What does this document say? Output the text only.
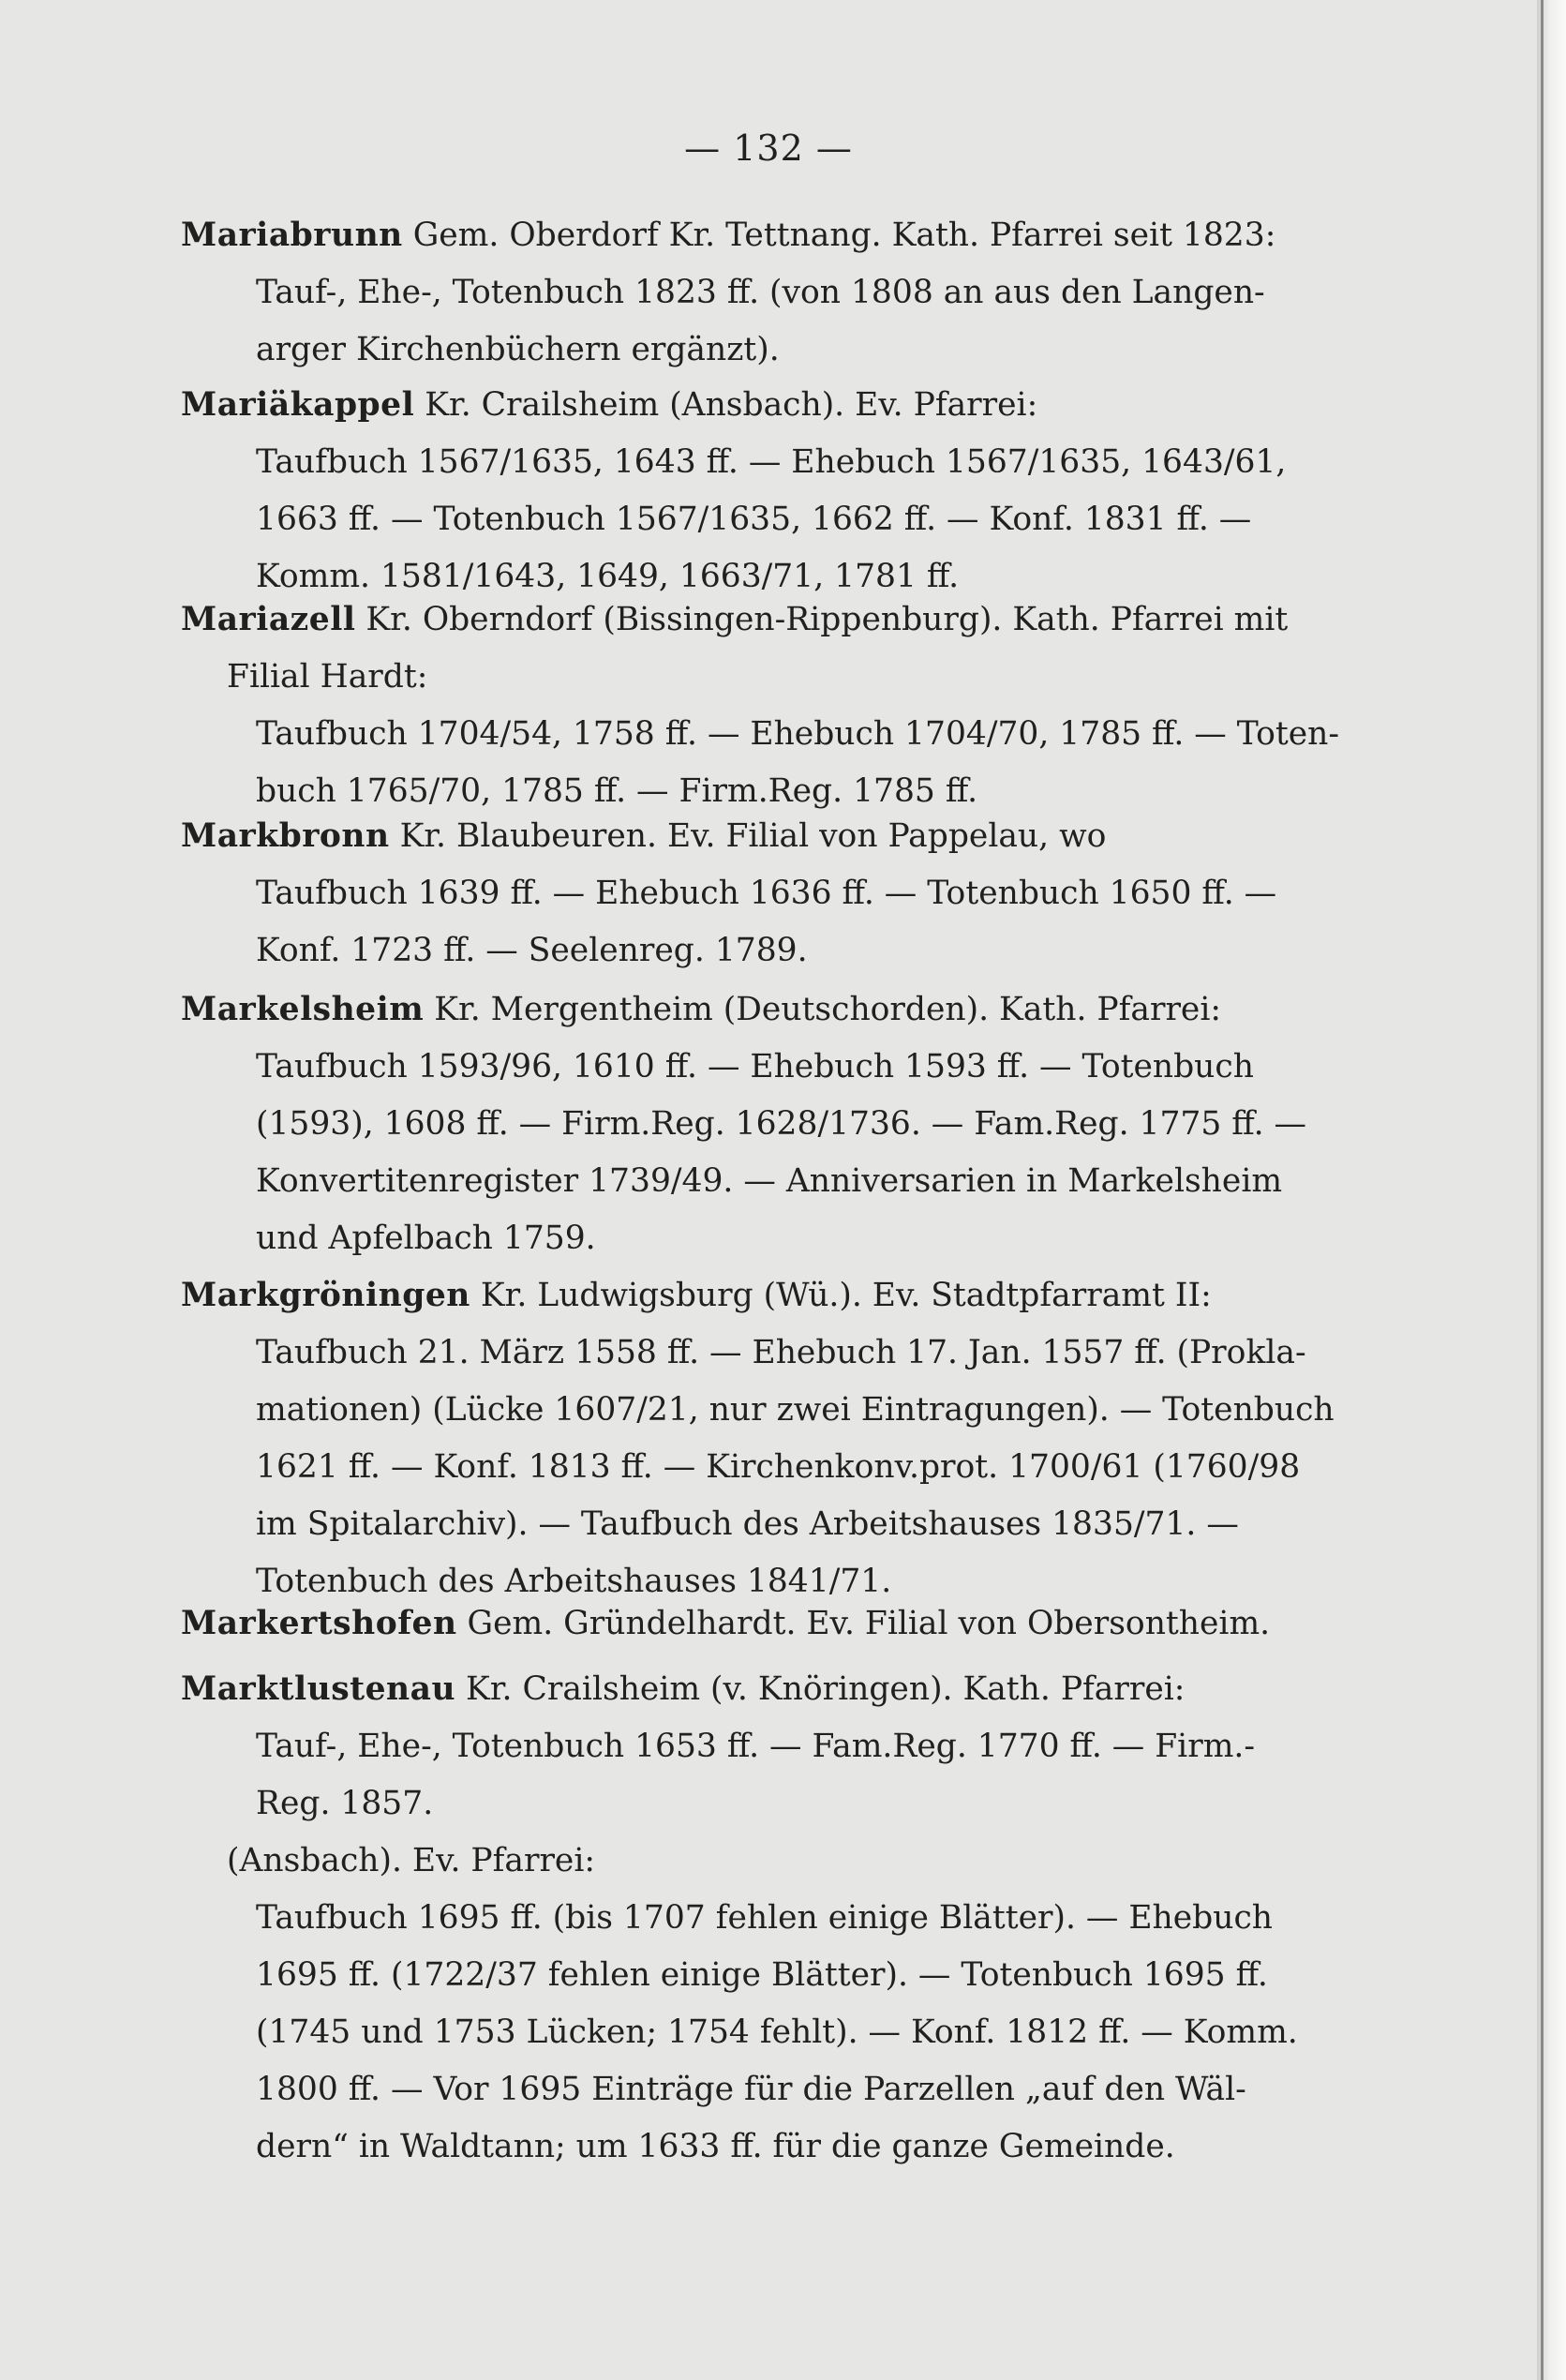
— 132 —
Mariabrunn Gem. Oberdorf Kr. Tettnang. Kath. Pfarrei seit 1823:
Tauf-, Ehe-, Totenbuch 1823 ff. (von 1808 an aus den Langen-
arger Kirchenbüchern ergänzt).
Mariäkappel Kr. Crailsheim (Ansbach). Ev. Pfarrei:
Taufbuch 1567/1635, 1643 ff. — Ehebuch 1567/1635, 1643/61,
1663 ff. — Totenbuch 1567/1635, 1662 ff. — Konf. 1831 ff. —
Komm. 1581/1643, 1649, 1663/71, 1781 ff.
Mariazell Kr. Oberndorf (Bissingen-Rippenburg). Kath. Pfarrei mit
Filial Hardt:
Taufbuch 1704/54, 1758 ff. — Ehebuch 1704/70, 1785 ff. — Toten-
buch 1765/70, 1785 ff. — Firm.Reg. 1785 ff.
Markbronn Kr. Blaubeuren. Ev. Filial von Pappelau, wo
Taufbuch 1639 ff. — Ehebuch 1636 ff. — Totenbuch 1650 ff. —
Konf. 1723 ff. — Seelenreg. 1789.
Markelsheim Kr. Mergentheim (Deutschorden). Kath. Pfarrei:
Taufbuch 1593/96, 1610 ff. — Ehebuch 1593 ff. — Totenbuch
(1593), 1608 ff. — Firm.Reg. 1628/1736. — Fam.Reg. 1775 ff. —
Konvertitenregister 1739/49. — Anniversarien in Markelsheim
und Apfelbach 1759.
Markgröningen Kr. Ludwigsburg (Wü.). Ev. Stadtpfarramt II:
Taufbuch 21. März 1558 ff. — Ehebuch 17. Jan. 1557 ff. (Prokla-
mationen) (Lücke 1607/21, nur zwei Eintragungen). — Totenbuch
1621 ff. — Konf. 1813 ff. — Kirchenkonv.prot. 1700/61 (1760/98
im Spitalarchiv). — Taufbuch des Arbeitshauses 1835/71. —
Totenbuch des Arbeitshauses 1841/71.
Markertshofen Gem. Gründelhardt. Ev. Filial von Obersontheim.
Marktlustenau Kr. Crailsheim (v. Knöringen). Kath. Pfarrei:
Tauf-, Ehe-, Totenbuch 1653 ff. — Fam.Reg. 1770 ff. — Firm.-
Reg. 1857.
(Ansbach). Ev. Pfarrei:
Taufbuch 1695 ff. (bis 1707 fehlen einige Blätter). — Ehebuch
1695 ff. (1722/37 fehlen einige Blätter). — Totenbuch 1695 ff.
(1745 und 1753 Lücken; 1754 fehlt). — Konf. 1812 ff. — Komm.
1800 ff. — Vor 1695 Einträge für die Parzellen „auf den Wäl-
dern“ in Waldtann; um 1633 ff. für die ganze Gemeinde.
